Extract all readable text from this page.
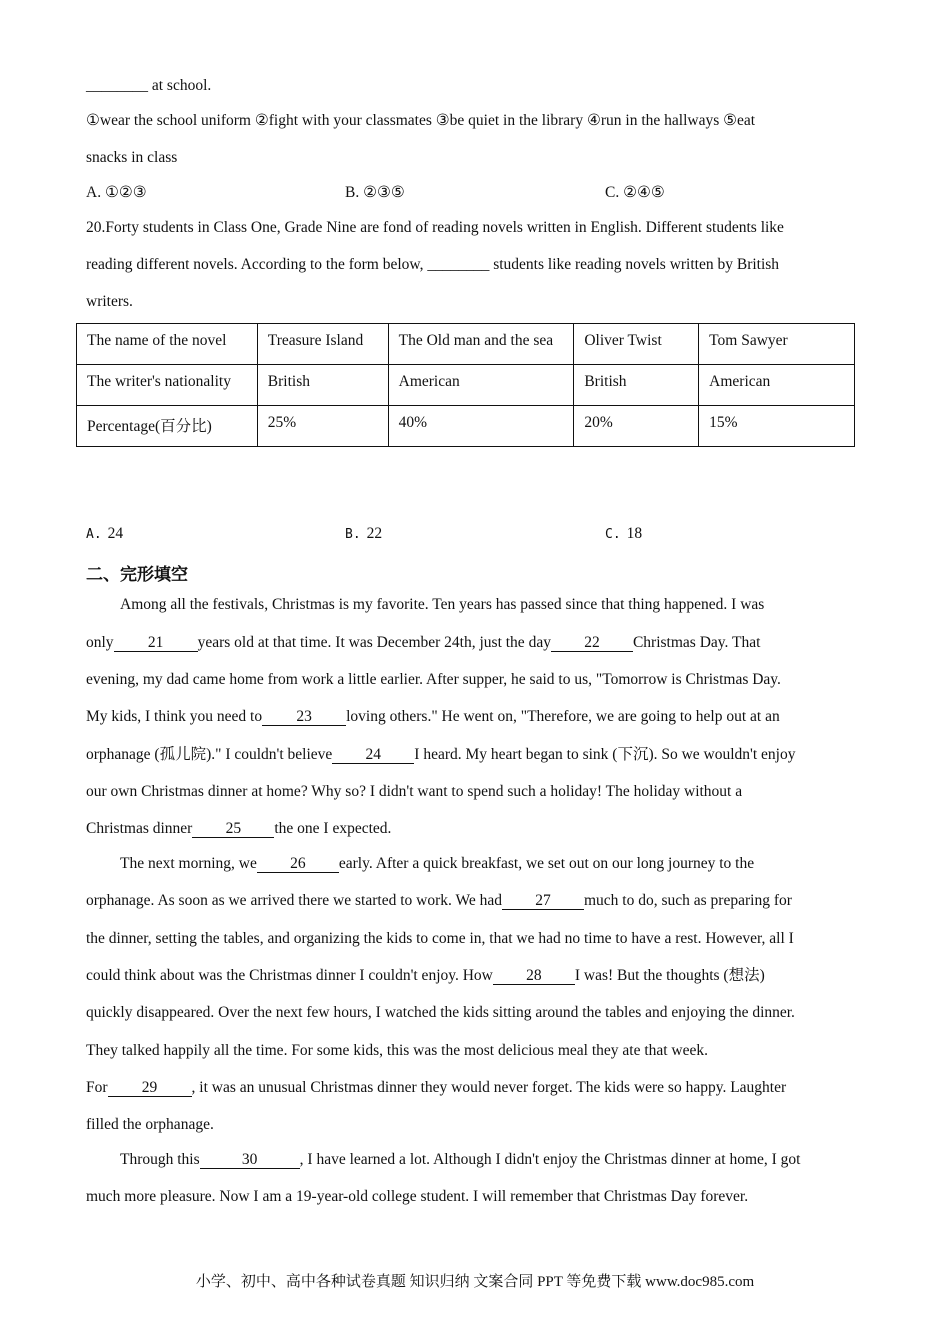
________ at school.
①wear the school uniform ②fight with your classmates ③be quiet in the library ④run in the hallways ⑤eat
snacks in class
A. ①②③	B. ②③⑤	C. ②④⑤
20.Forty students in Class One, Grade Nine are fond of reading novels written in English. Different students like
reading different novels. According to the form below, ________ students like reading novels written by British
writers.
The name of the novel	Treasure Island	The Old man and the sea	Oliver Twist	Tom Sawyer
The writer's nationality	British	American	British	American
Percentage(百分比)	25%	40%	20%	15%
A. 24	B. 22	C. 18
二、完形填空
Among all the festivals, Christmas is my favorite. Ten years has passed since that thing happened. I was
only 21 years old at that time. It was December 24th, just the day 22 Christmas Day. That
evening, my dad came home from work a little earlier. After supper, he said to us, "Tomorrow is Christmas Day.
My kids, I think you need to 23 loving others." He went on, "Therefore, we are going to help out at an
orphanage (孤儿院)." I couldn't believe 24 I heard. My heart began to sink (下沉). So we wouldn't enjoy
our own Christmas dinner at home? Why so? I didn't want to spend such a holiday! The holiday without a
Christmas dinner 25 the one I expected.
The next morning, we 26 early. After a quick breakfast, we set out on our long journey to the
orphanage. As soon as we arrived there we started to work. We had 27 much to do, such as preparing for
the dinner, setting the tables, and organizing the kids to come in, that we had no time to have a rest. However, all I
could think about was the Christmas dinner I couldn't enjoy. How 28 I was! But the thoughts (想法)
quickly disappeared. Over the next few hours, I watched the kids sitting around the tables and enjoying the dinner.
They talked happily all the time. For some kids, this was the most delicious meal they ate that week.
For 29 , it was an unusual Christmas dinner they would never forget. The kids were so happy. Laughter
filled the orphanage.
Through this	30	, I have learned a lot. Although I didn't enjoy the Christmas dinner at home, I got
much more pleasure. Now I am a 19-year-old college student. I will remember that Christmas Day forever.
小学、初中、高中各种试卷真题 知识归纳 文案合同 PPT 等免费下载 www.doc985.com
